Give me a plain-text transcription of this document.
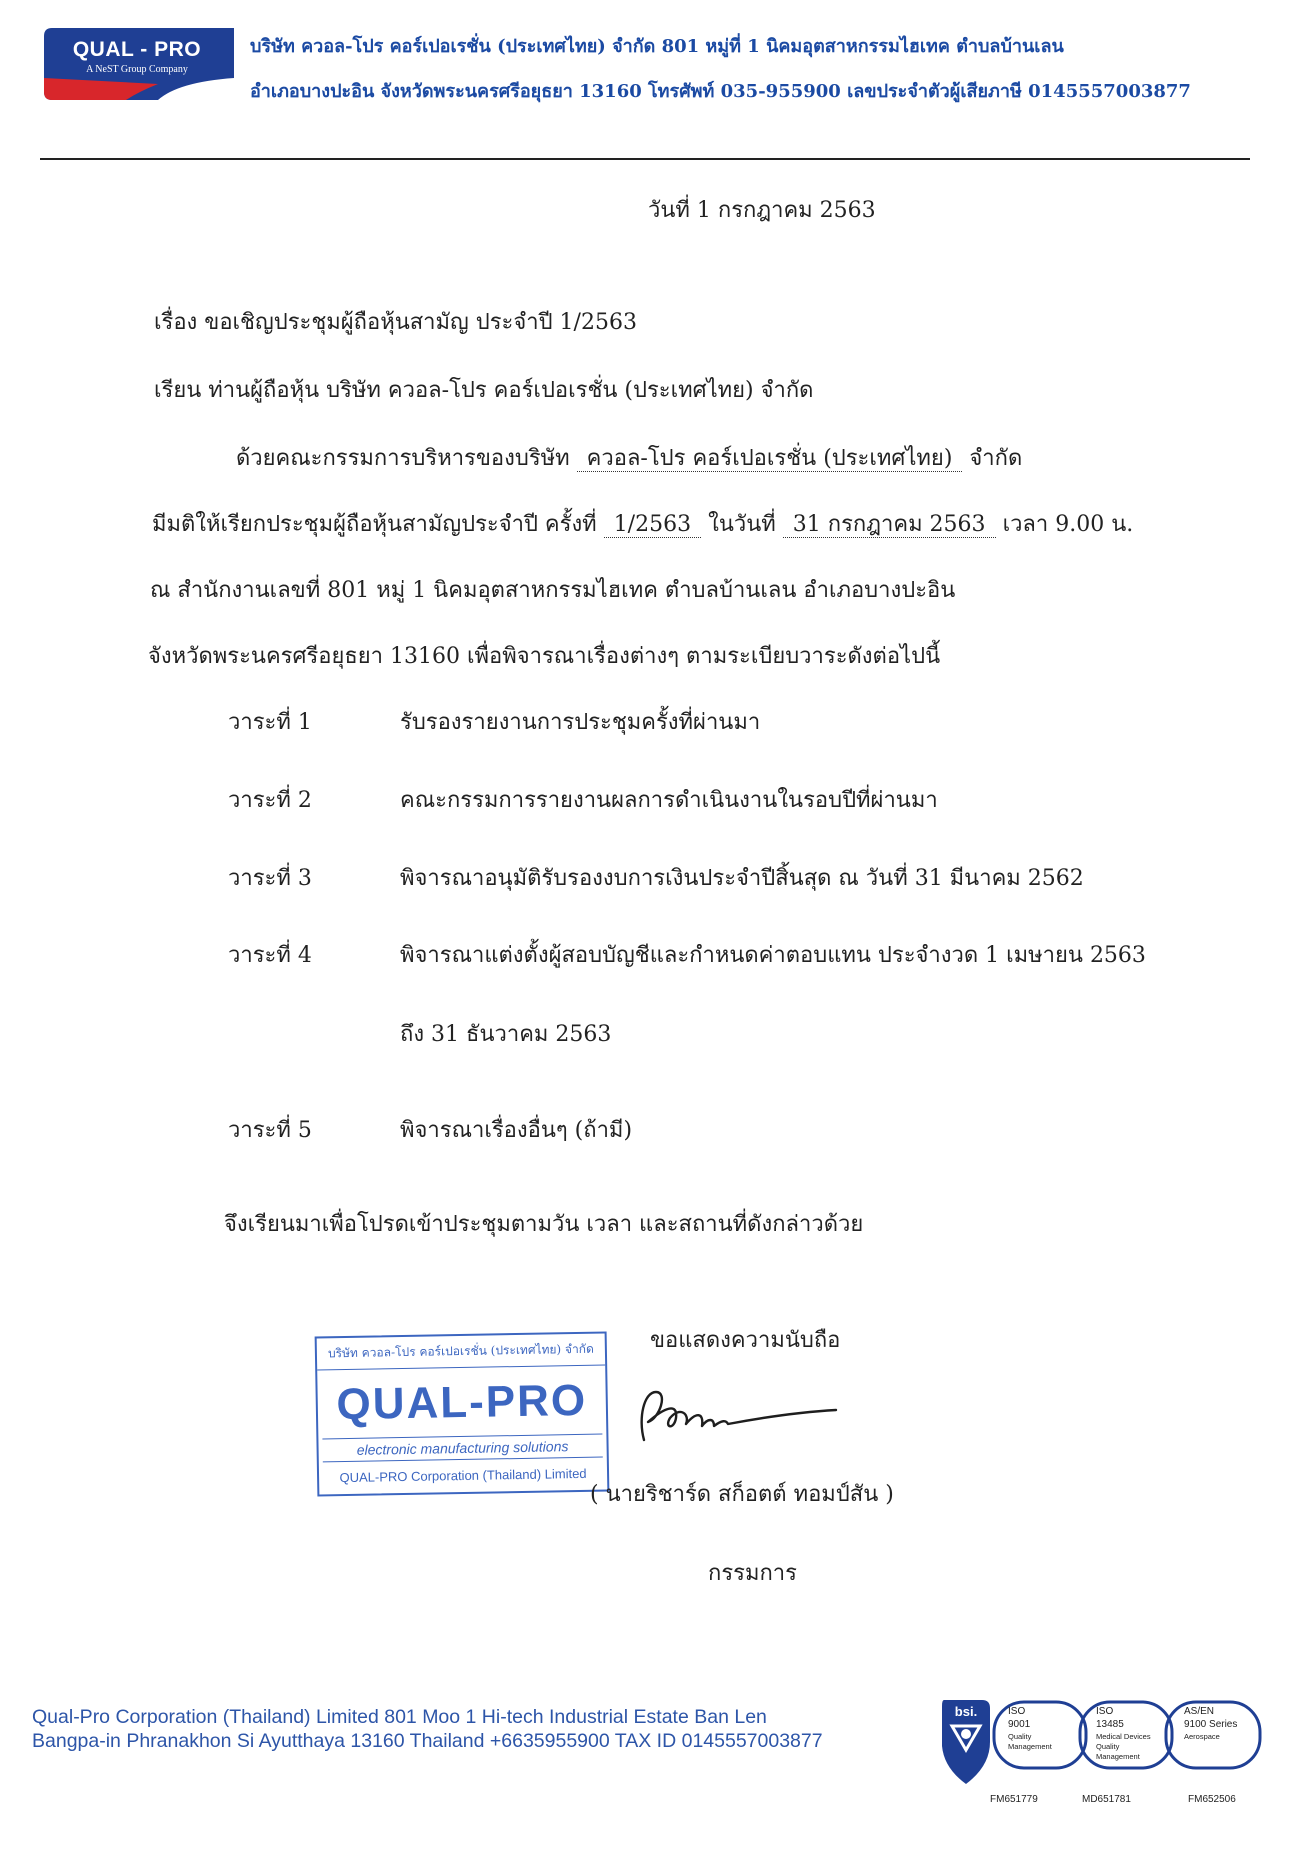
QUAL - PRO
A NeST Group Company
บริษัท ควอล-โปร คอร์เปอเรชั่น (ประเทศไทย) จำกัด 801 หมู่ที่ 1 นิคมอุตสาหกรรมไฮเทค ตำบลบ้านเลน
อำเภอบางปะอิน จังหวัดพระนครศรีอยุธยา 13160 โทรศัพท์ 035-955900 เลขประจำตัวผู้เสียภาษี 0145557003877
วันที่ 1 กรกฎาคม 2563
เรื่อง ขอเชิญประชุมผู้ถือหุ้นสามัญ ประจำปี 1/2563
เรียน ท่านผู้ถือหุ้น บริษัท ควอล-โปร คอร์เปอเรชั่น (ประเทศไทย) จำกัด
ด้วยคณะกรรมการบริหารของบริษัท ควอล-โปร คอร์เปอเรชั่น (ประเทศไทย) จำกัด
มีมติให้เรียกประชุมผู้ถือหุ้นสามัญประจำปี ครั้งที่ 1/2563 ในวันที่ 31 กรกฎาคม 2563 เวลา 9.00 น.
ณ สำนักงานเลขที่ 801 หมู่ 1 นิคมอุตสาหกรรมไฮเทค ตำบลบ้านเลน อำเภอบางปะอิน
จังหวัดพระนครศรีอยุธยา 13160 เพื่อพิจารณาเรื่องต่างๆ ตามระเบียบวาระดังต่อไปนี้
วาระที่ 1	รับรองรายงานการประชุมครั้งที่ผ่านมา
วาระที่ 2	คณะกรรมการรายงานผลการดำเนินงานในรอบปีที่ผ่านมา
วาระที่ 3	พิจารณาอนุมัติรับรองงบการเงินประจำปีสิ้นสุด ณ วันที่ 31 มีนาคม 2562
วาระที่ 4	พิจารณาแต่งตั้งผู้สอบบัญชีและกำหนดค่าตอบแทน ประจำงวด 1 เมษายน 2563
ถึง 31 ธันวาคม 2563
วาระที่ 5	พิจารณาเรื่องอื่นๆ (ถ้ามี)
จึงเรียนมาเพื่อโปรดเข้าประชุมตามวัน เวลา และสถานที่ดังกล่าวด้วย
ขอแสดงความนับถือ
บริษัท ควอล-โปร คอร์เปอเรชั่น (ประเทศไทย) จำกัด
QUAL-PRO
electronic manufacturing solutions
QUAL-PRO Corporation (Thailand) Limited
( นายริชาร์ด สก็อตต์ ทอมป์สัน )
กรรมการ
Qual-Pro Corporation (Thailand) Limited 801 Moo 1 Hi-tech Industrial Estate Ban Len
Bangpa-in Phranakhon Si Ayutthaya 13160 Thailand +6635955900 TAX ID 0145557003877
bsi.	ISO
9001
Quality
Management
ISO
13485
Medical Devices
Quality
Management
AS/EN
9100 Series
Aerospace
FM651779	MD651781	FM652506
